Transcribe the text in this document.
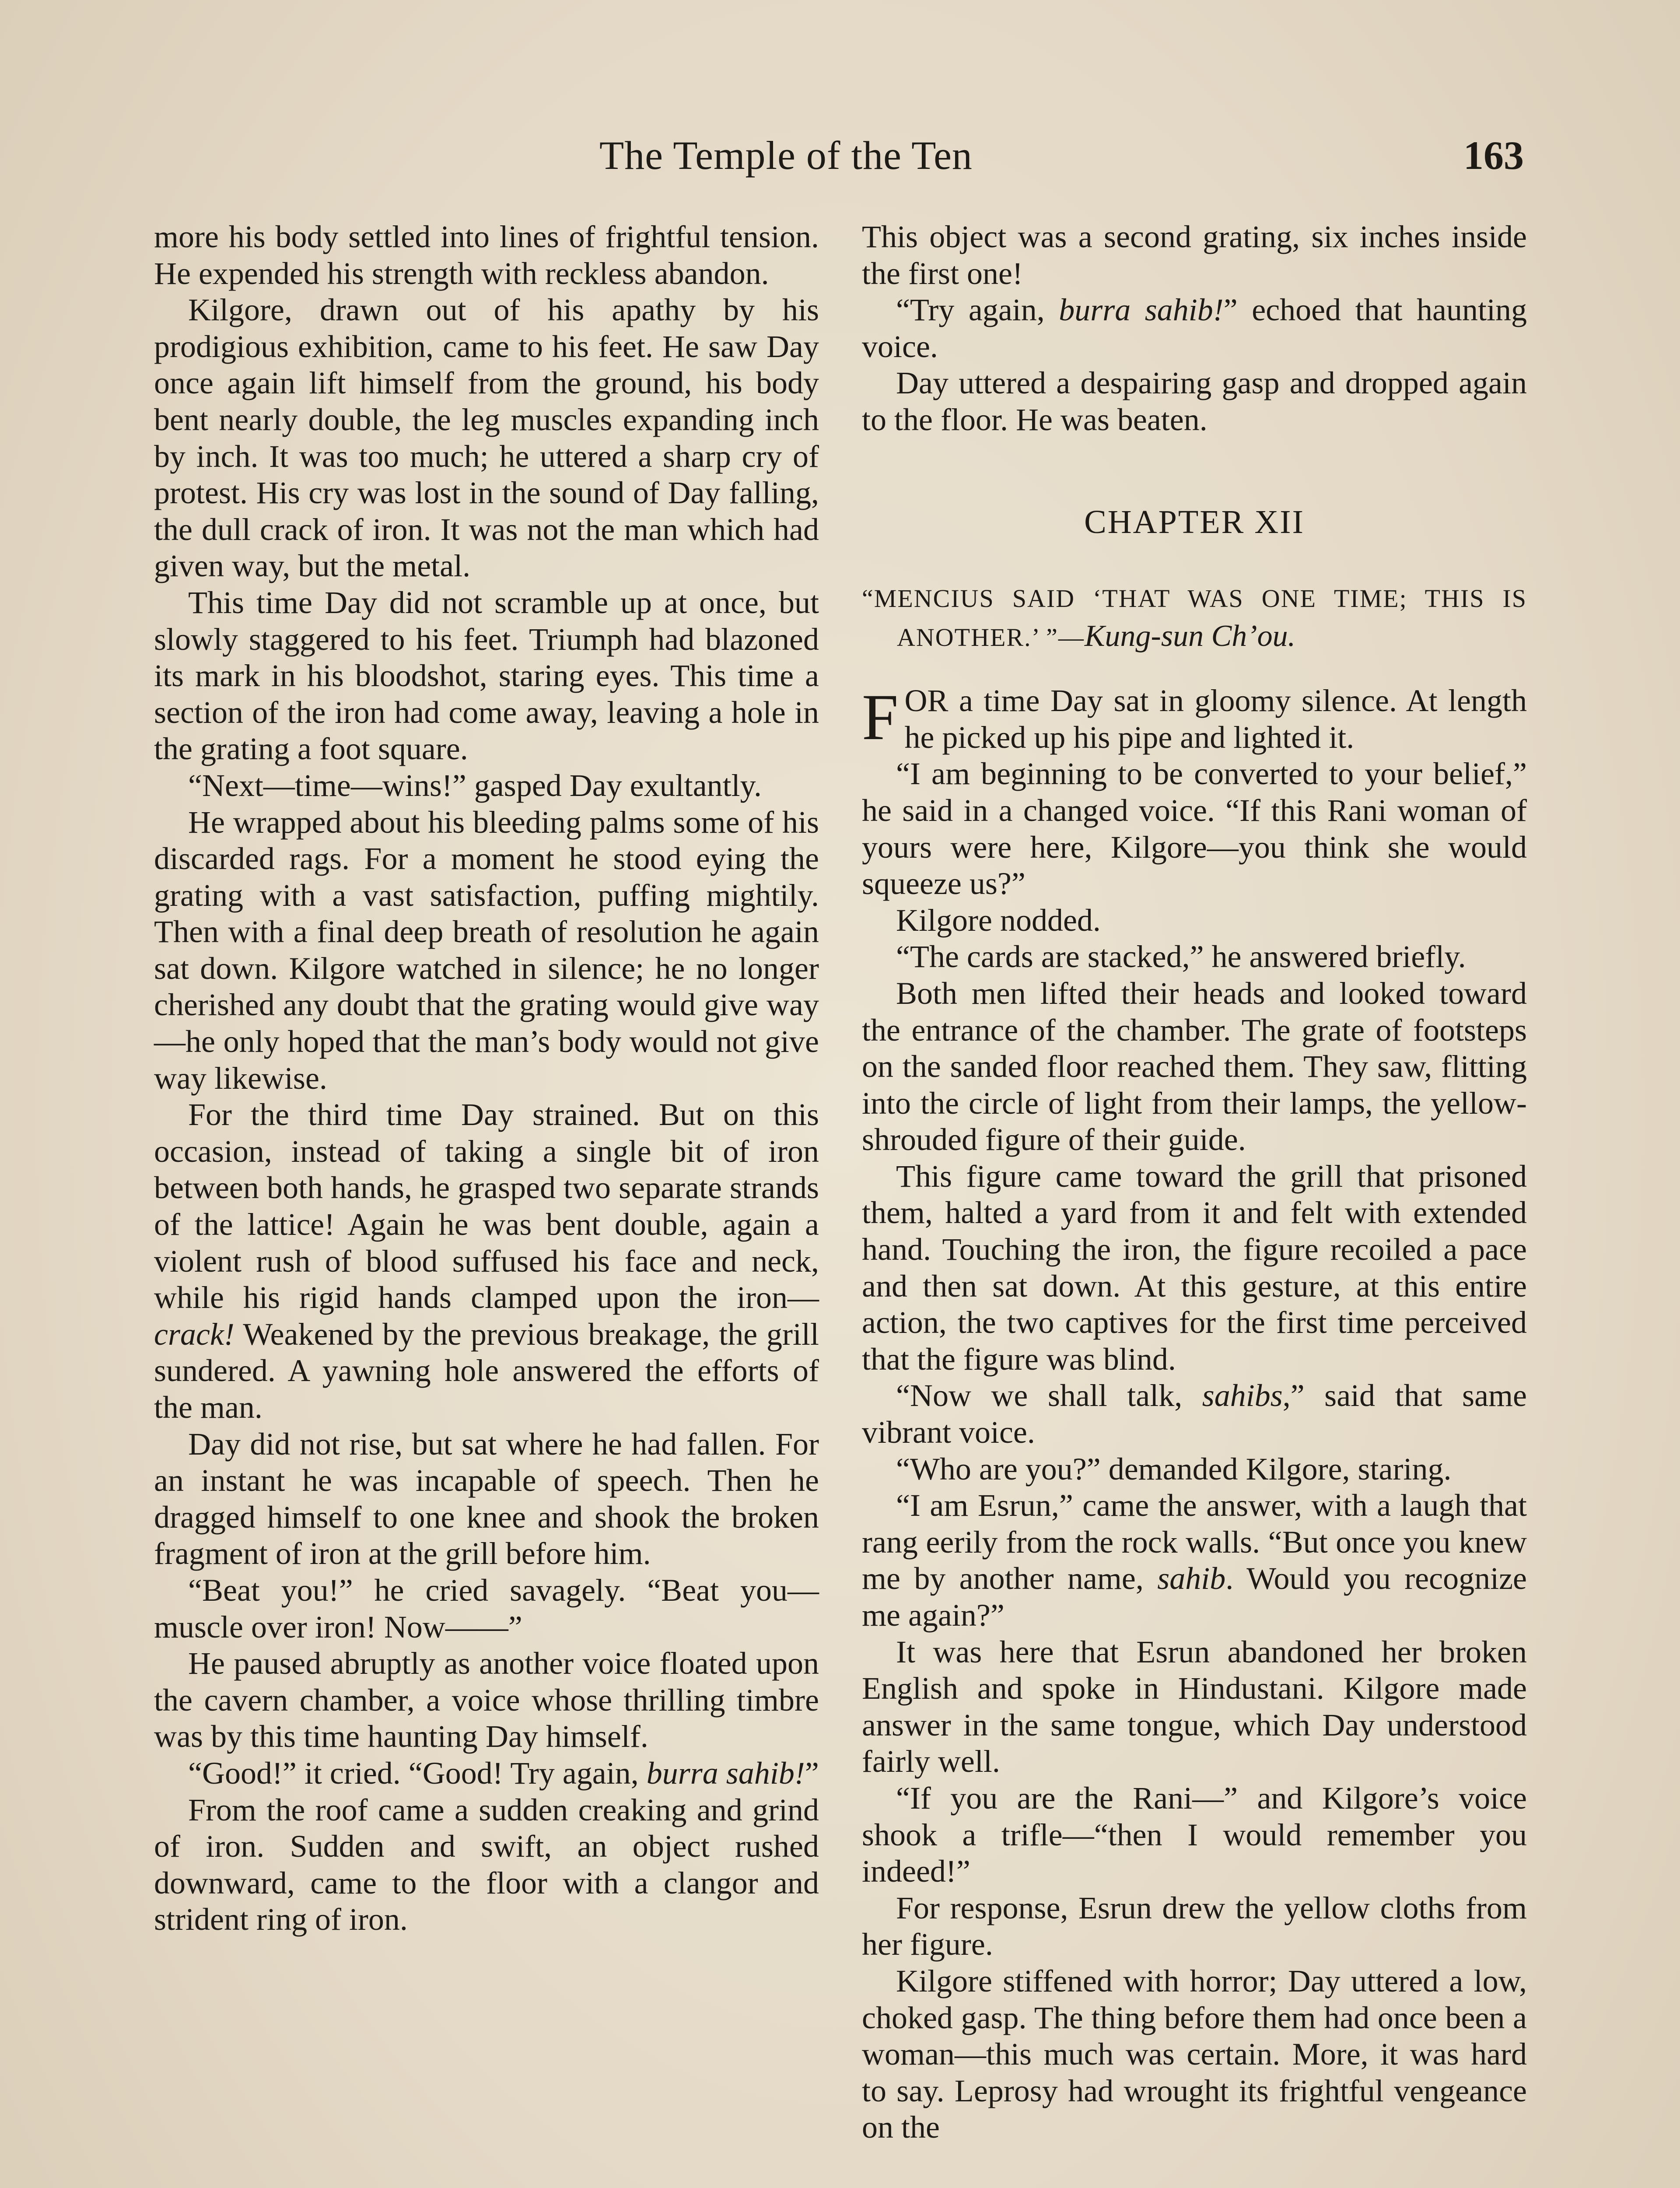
The Temple of the Ten	163

more his body settled into lines of frightful tension. He expended his strength with reckless abandon.

Kilgore, drawn out of his apathy by his prodigious exhibition, came to his feet. He saw Day once again lift himself from the ground, his body bent nearly double, the leg muscles expanding inch by inch. It was too much; he uttered a sharp cry of protest. His cry was lost in the sound of Day falling, the dull crack of iron. It was not the man which had given way, but the metal.

This time Day did not scramble up at once, but slowly staggered to his feet. Triumph had blazoned its mark in his bloodshot, staring eyes. This time a section of the iron had come away, leaving a hole in the grating a foot square.

“Next—time—wins!” gasped Day exultantly.

He wrapped about his bleeding palms some of his discarded rags. For a moment he stood eying the grating with a vast satisfaction, puffing mightily. Then with a final deep breath of resolution he again sat down. Kilgore watched in silence; he no longer cherished any doubt that the grating would give way—he only hoped that the man’s body would not give way likewise.

For the third time Day strained. But on this occasion, instead of taking a single bit of iron between both hands, he grasped two separate strands of the lattice! Again he was bent double, again a violent rush of blood suffused his face and neck, while his rigid hands clamped upon the iron—crack! Weakened by the previous breakage, the grill sundered. A yawning hole answered the efforts of the man.

Day did not rise, but sat where he had fallen. For an instant he was incapable of speech. Then he dragged himself to one knee and shook the broken fragment of iron at the grill before him.

“Beat you!” he cried savagely. “Beat you—muscle over iron! Now——”

He paused abruptly as another voice floated upon the cavern chamber, a voice whose thrilling timbre was by this time haunting Day himself.

“Good!” it cried. “Good! Try again, burra sahib!”

From the roof came a sudden creaking and grind of iron. Sudden and swift, an object rushed downward, came to the floor with a clangor and strident ring of iron.

This object was a second grating, six inches inside the first one!

“Try again, burra sahib!” echoed that haunting voice.

Day uttered a despairing gasp and dropped again to the floor. He was beaten.

CHAPTER XII
“MENCIUS SAID ‘THAT WAS ONE TIME; THIS IS ANOTHER.’ ”—Kung-sun Ch’ou.

FOR a time Day sat in gloomy silence. At length he picked up his pipe and lighted it.

“I am beginning to be converted to your belief,” he said in a changed voice. “If this Rani woman of yours were here, Kilgore—you think she would squeeze us?”

Kilgore nodded.

“The cards are stacked,” he answered briefly.

Both men lifted their heads and looked toward the entrance of the chamber. The grate of footsteps on the sanded floor reached them. They saw, flitting into the circle of light from their lamps, the yellow-shrouded figure of their guide.

This figure came toward the grill that prisoned them, halted a yard from it and felt with extended hand. Touching the iron, the figure recoiled a pace and then sat down. At this gesture, at this entire action, the two captives for the first time perceived that the figure was blind.

“Now we shall talk, sahibs,” said that same vibrant voice.

“Who are you?” demanded Kilgore, staring.

“I am Esrun,” came the answer, with a laugh that rang eerily from the rock walls. “But once you knew me by another name, sahib. Would you recognize me again?”

It was here that Esrun abandoned her broken English and spoke in Hindustani. Kilgore made answer in the same tongue, which Day understood fairly well.

“If you are the Rani—” and Kilgore’s voice shook a trifle—“then I would remember you indeed!”

For response, Esrun drew the yellow cloths from her figure.

Kilgore stiffened with horror; Day uttered a low, choked gasp. The thing before them had once been a woman—this much was certain. More, it was hard to say. Leprosy had wrought its frightful vengeance on the
